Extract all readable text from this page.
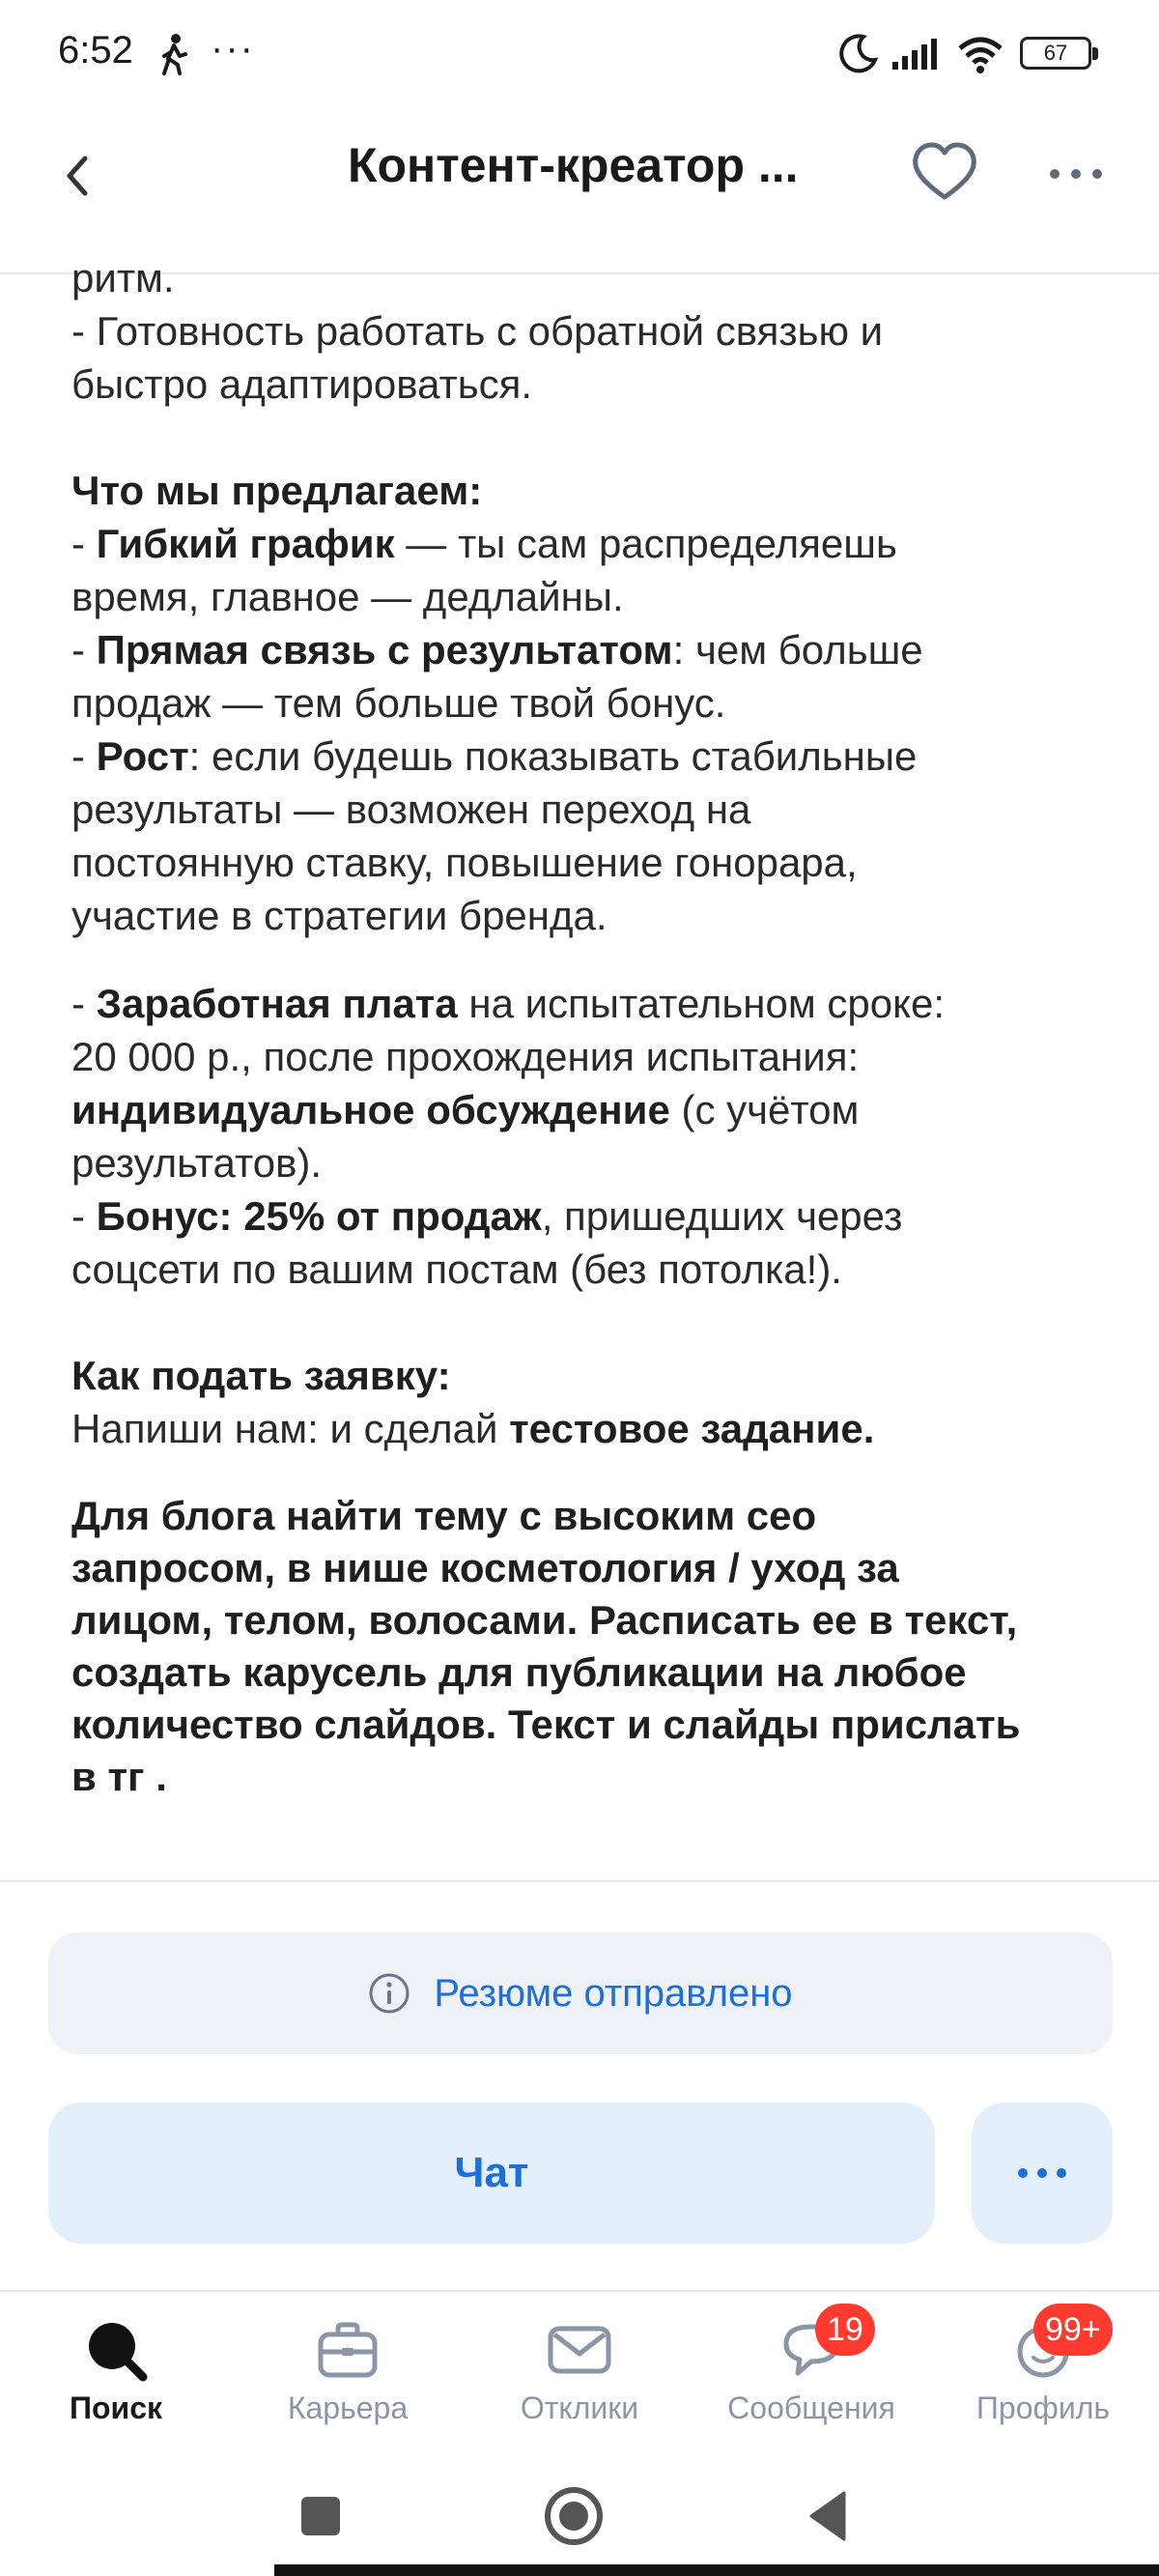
6:52 ···	67
Контент-креатор ...

ритм.

- Готовность работать с обратной связью и

быстро адаптироваться.

Что мы предлагаем:

- Гибкий график — ты сам распределяешь

время, главное — дедлайны.

- Прямая связь с результатом: чем больше

продаж — тем больше твой бонус.

- Рост: если будешь показывать стабильные

результаты — возможен переход на

постоянную ставку, повышение гонорара,

участие в стратегии бренда.

- Заработная плата на испытательном сроке:

20 000 р., после прохождения испытания:

индивидуальное обсуждение (с учётом

результатов).

- Бонус: 25% от продаж, пришедших через

соцсети по вашим постам (без потолка!).

Как подать заявку:

Напиши нам: и сделай тестовое задание.

Для блога найти тему с высоким сео

запросом, в нише косметология / уход за

лицом, телом, волосами. Расписать ее в текст,

создать карусель для публикации на любое

количество слайдов. Текст и слайды прислать

в тг .

Резюме отправлено
Чат
Поиск	Карьера	Отклики
19
Сообщения
99+
Профиль
